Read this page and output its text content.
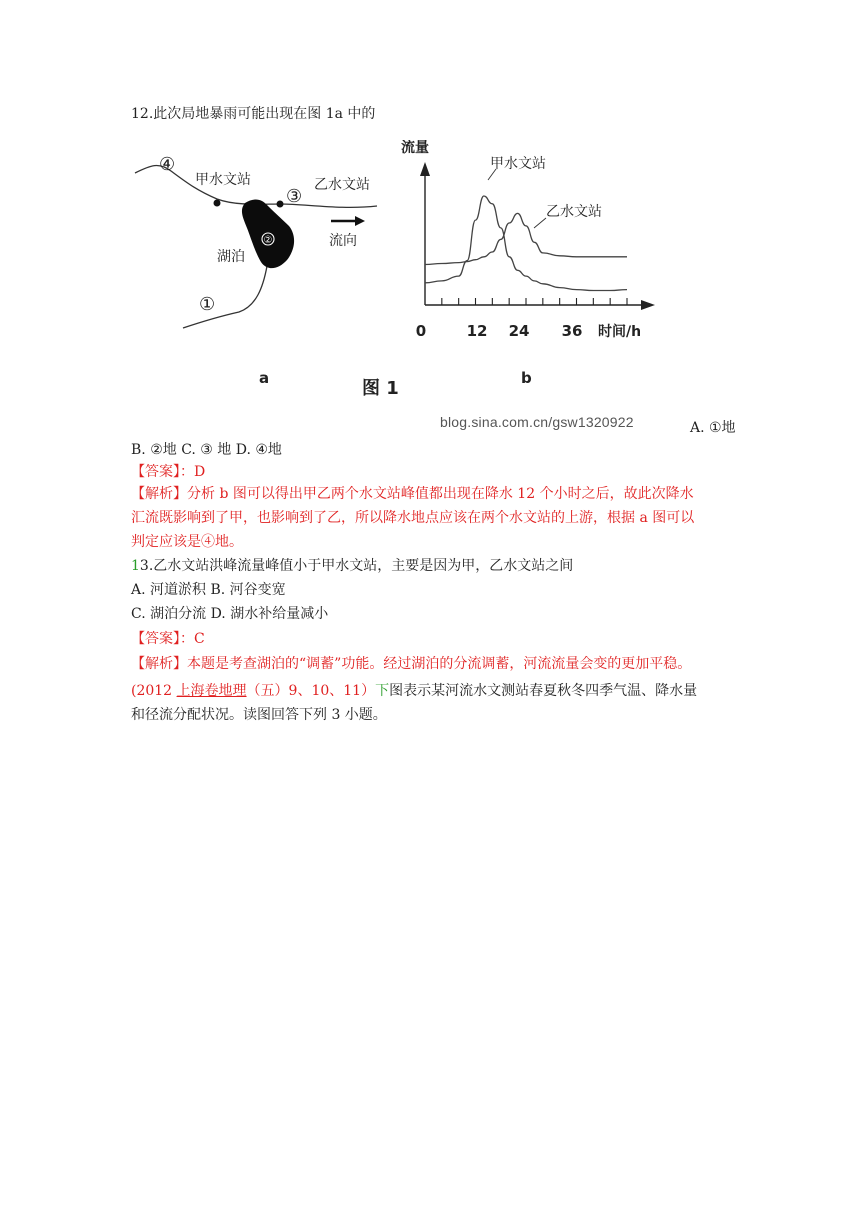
12.此次局地暴雨可能出现在图 1a 中的
②
④
甲水文站
③
乙水文站
湖泊
流向
①
a
流量
甲水文站
乙水文站
0	12 24 36 时间/h
b
图 1
blog.sina.com.cn/gsw1320922	A. ①地
B. ②地 C. ③ 地 D. ④地
【答案】：D
【解析】分析 b 图可以得出甲乙两个水文站峰值都出现在降水 12 个小时之后，故此次降水
汇流既影响到了甲，也影响到了乙，所以降水地点应该在两个水文站的上游，根据 a 图可以
判定应该是④地。
13.乙水文站洪峰流量峰值小于甲水文站，主要是因为甲，乙水文站之间
A. 河道淤积 B. 河谷变宽
C. 湖泊分流 D. 湖水补给量减小
【答案】：C
【解析】本题是考查湖泊的“调蓄”功能。经过湖泊的分流调蓄，河流流量会变的更加平稳。
(2012 上海卷地理（五）9、10、11）下图表示某河流水文测站春夏秋冬四季气温、降水量
和径流分配状况。读图回答下列 3 小题。
